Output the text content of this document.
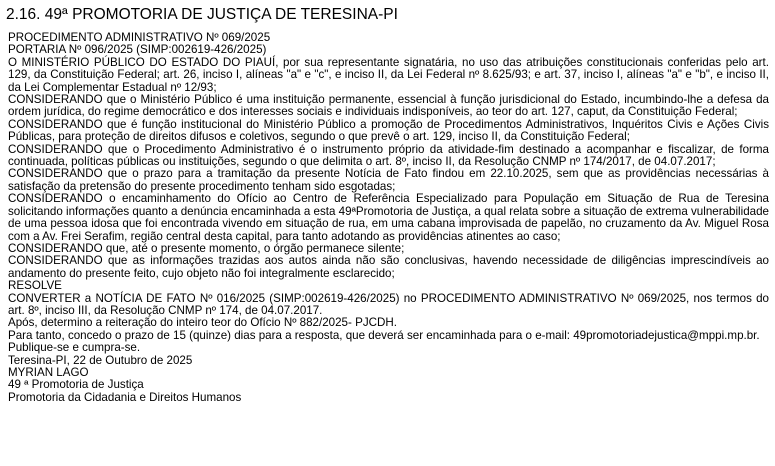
2.16. 49ª PROMOTORIA DE JUSTIÇA DE TERESINA-PI

PROCEDIMENTO ADMINISTRATIVO Nº 069/2025

PORTARIA Nº 096/2025 (SIMP:002619-426/2025)

O MINISTÉRIO PÚBLICO DO ESTADO DO PIAUÍ, por sua representante signatária, no uso das atribuições constitucionais conferidas pelo art. 129, da Constituição Federal; art. 26, inciso I, alíneas "a" e "c", e inciso II, da Lei Federal nº 8.625/93; e art. 37, inciso I, alíneas "a" e "b", e inciso II, da Lei Complementar Estadual nº 12/93;

CONSIDERANDO que o Ministério Público é uma instituição permanente, essencial à função jurisdicional do Estado, incumbindo-lhe a defesa da ordem jurídica, do regime democrático e dos interesses sociais e individuais indisponíveis, ao teor do art. 127, caput, da Constituição Federal;

CONSIDERANDO que é função institucional do Ministério Público a promoção de Procedimentos Administrativos, Inquéritos Civis e Ações Civis Públicas, para proteção de direitos difusos e coletivos, segundo o que prevê o art. 129, inciso II, da Constituição Federal;

CONSIDERANDO que o Procedimento Administrativo é o instrumento próprio da atividade-fim destinado a acompanhar e fiscalizar, de forma continuada, políticas públicas ou instituições, segundo o que delimita o art. 8º, inciso II, da Resolução CNMP nº 174/2017, de 04.07.2017;

CONSIDERANDO que o prazo para a tramitação da presente Notícia de Fato findou em 22.10.2025, sem que as providências necessárias à satisfação da pretensão do presente procedimento tenham sido esgotadas;

CONSIDERANDO o encaminhamento do Ofício ao Centro de Referência Especializado para População em Situação de Rua de Teresina solicitando informações quanto a denúncia encaminhada a esta 49ªPromotoria de Justiça, a qual relata sobre a situação de extrema vulnerabilidade de uma pessoa idosa que foi encontrada vivendo em situação de rua, em uma cabana improvisada de papelão, no cruzamento da Av. Miguel Rosa com a Av. Frei Serafim, região central desta capital, para tanto adotando as providências atinentes ao caso;

CONSIDERANDO que, até o presente momento, o órgão permanece silente;

CONSIDERANDO que as informações trazidas aos autos ainda não são conclusivas, havendo necessidade de diligências imprescindíveis ao andamento do presente feito, cujo objeto não foi integralmente esclarecido;

RESOLVE

CONVERTER a NOTÍCIA DE FATO Nº 016/2025 (SIMP:002619-426/2025) no PROCEDIMENTO ADMINISTRATIVO Nº 069/2025, nos termos do art. 8º, inciso III, da Resolução CNMP nº 174, de 04.07.2017.

Após, determino a reiteração do inteiro teor do Ofício Nº 882/2025- PJCDH.

Para tanto, concedo o prazo de 15 (quinze) dias para a resposta, que deverá ser encaminhada para o e-mail: 49promotoriadejustica@mppi.mp.br.

Publique-se e cumpra-se.

Teresina-PI, 22 de Outubro de 2025

MYRIAN LAGO

49 ª Promotoria de Justiça

Promotoria da Cidadania e Direitos Humanos
